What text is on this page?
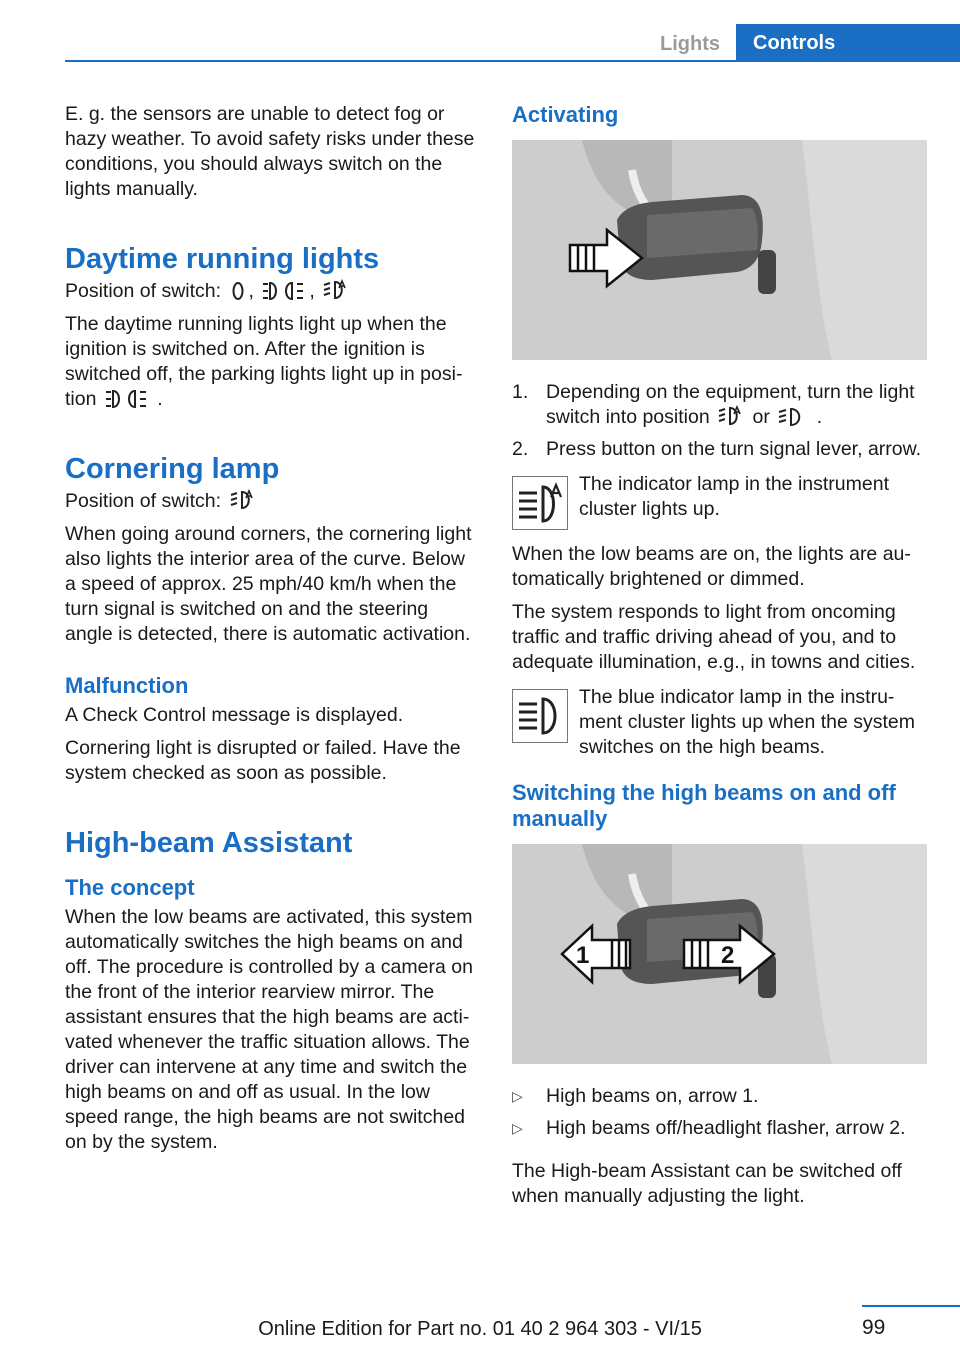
Lights	Controls

E. g. the sensors are unable to detect fog or hazy weather. To avoid safety risks under these conditions, you should always switch on the lights manually.

Daytime running lights

Position of switch: ,	,

The daytime running lights light up when the ignition is switched on. After the ignition is switched off, the parking lights light up in position	.

Cornering lamp

Position of switch:

When going around corners, the cornering light also lights the interior area of the curve. Below a speed of approx. 25 mph/40 km/h when the turn signal is switched on and the steering angle is detected, there is automatic activation.

Malfunction

A Check Control message is displayed.

Cornering light is disrupted or failed. Have the system checked as soon as possible.

High-beam Assistant
The concept

When the low beams are activated, this system automatically switches the high beams on and off. The procedure is controlled by a camera on the front of the interior rearview mirror. The assistant ensures that the high beams are activated whenever the traffic situation allows. The driver can intervene at any time and switch the high beams on and off as usual. In the low speed range, the high beams are not switched on by the system.

Activating
1. Depending on the equipment, turn the light switch into position or  .
2. Press button on the turn signal lever, arrow.
The indicator lamp in the instrument cluster lights up.

When the low beams are on, the lights are automatically brightened or dimmed.

The system responds to light from oncoming traffic and traffic driving ahead of you, and to adequate illumination, e.g., in towns and cities.

The blue indicator lamp in the instrument cluster lights up when the system switches on the high beams.
Switching the high beams on and off manually
1	2
▷ High beams on, arrow 1.
▷ High beams off/headlight flasher, arrow 2.

The High-beam Assistant can be switched off when manually adjusting the light.

99
Online Edition for Part no. 01 40 2 964 303 - VI/15
